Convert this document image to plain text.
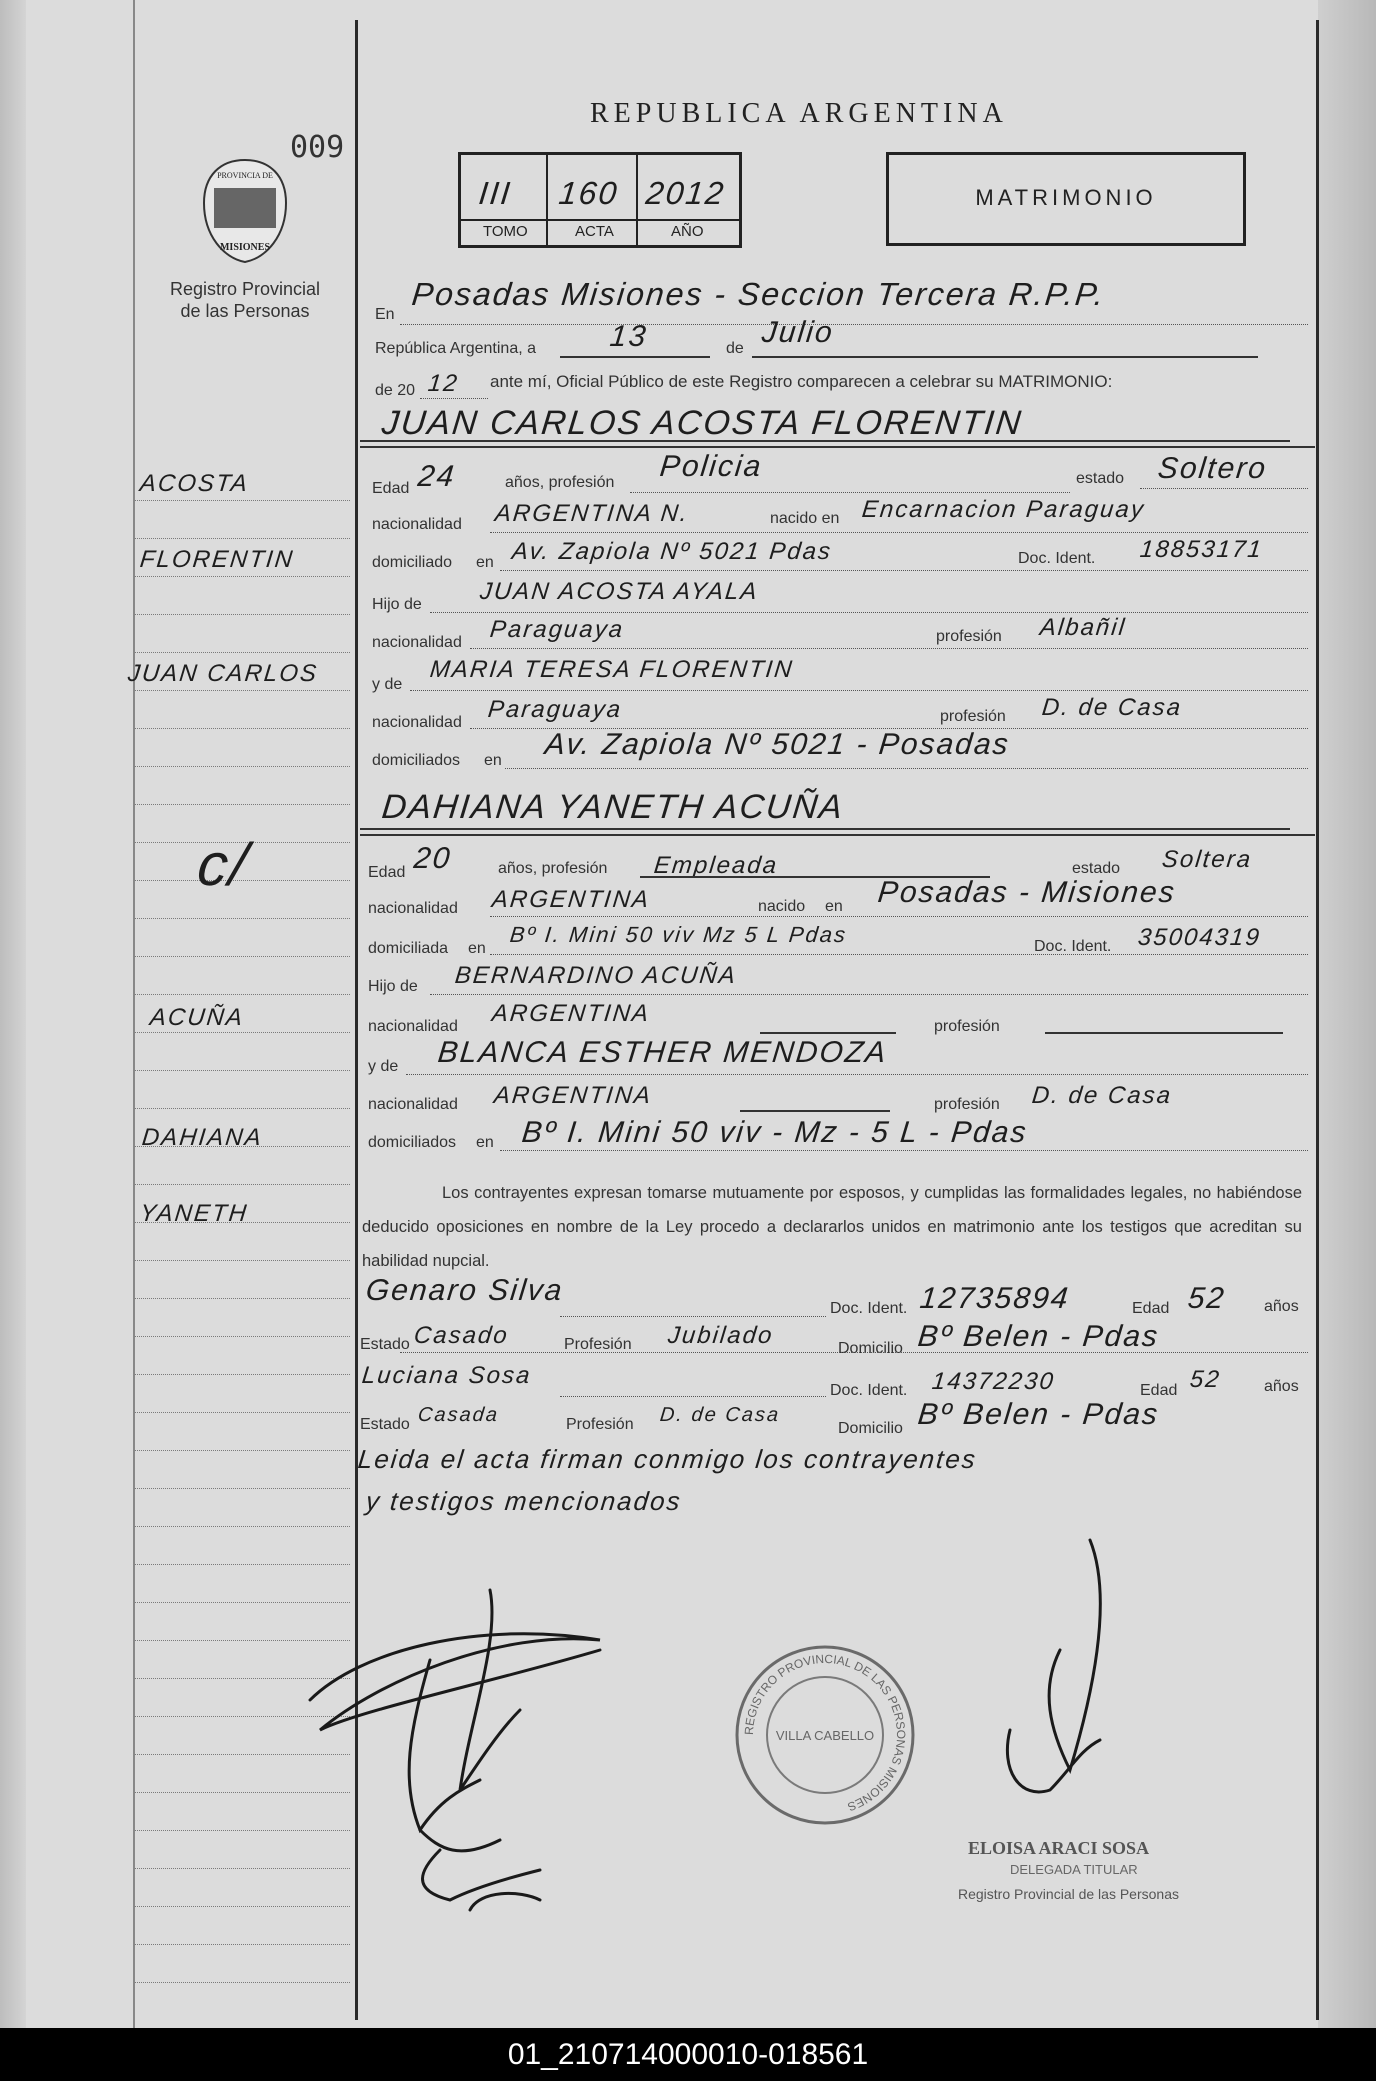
009
PROVINCIA DE
MISIONES
Registro Provincial
de las Personas
REPUBLICA ARGENTINA
III 160 2012
TOMO	ACTA	AÑO
MATRIMONIO
En
Posadas Misiones - Seccion Tercera R.P.P.
República Argentina, a 13	de Julio
de 20 12 ante mí, Oficial Público de este Registro comparecen a celebrar su MATRIMONIO:
JUAN CARLOS ACOSTA FLORENTIN
Edad 24	años, profesión Policia	estado Soltero
nacionalidad ARGENTINA N.	nacido en Encarnacion Paraguay
domiciliado en Av. Zapiola Nº 5021 Pdas	Doc. Ident. 18853171
Hijo de JUAN ACOSTA AYALA
nacionalidad Paraguaya	profesión Albañil
y de
MARIA TERESA FLORENTIN
nacionalidad Paraguaya	profesión D. de Casa
domiciliados en Av. Zapiola Nº 5021 - Posadas
DAHIANA YANETH ACUÑA
Edad 20	años, profesión Empleada	estado Soltera
nacionalidad ARGENTINA	nacido en Posadas - Misiones
domiciliada en
Bº I. Mini 50 viv Mz 5 L Pdas	Doc. Ident. 35004319
Hijo de BERNARDINO ACUÑA
nacionalidad ARGENTINA	profesión
y de BLANCA ESTHER MENDOZA
nacionalidad ARGENTINA	profesión D. de Casa
domiciliados en Bº I. Mini 50 viv - Mz - 5 L - Pdas
Los contrayentes expresan tomarse mutuamente por esposos, y cumplidas las formalidades legales, no habiéndose deducido oposiciones en nombre de la Ley procedo a declararlos unidos en matrimonio ante los testigos que acreditan su habilidad nupcial.
Genaro Silva
Doc. Ident. 12735894	Edad 52 años
Estado Casado	Profesión Jubilado	Domicilio Bº Belen - Pdas
Luciana Sosa
Doc. Ident. 14372230	Edad 52	años
Estado Casada	Profesión D. de Casa
Domicilio Bº Belen - Pdas
Leida el acta firman conmigo los contrayentes
y testigos mencionados
ACOSTA
FLORENTIN
JUAN CARLOS
c/
ACUÑA
DAHIANA
YANETH
REGISTRO PROVINCIAL DE LAS PERSONAS MISIONES
VILLA CABELLO
ELOISA ARACI SOSA
DELEGADA TITULAR
Registro Provincial de las Personas
01_210714000010-018561
